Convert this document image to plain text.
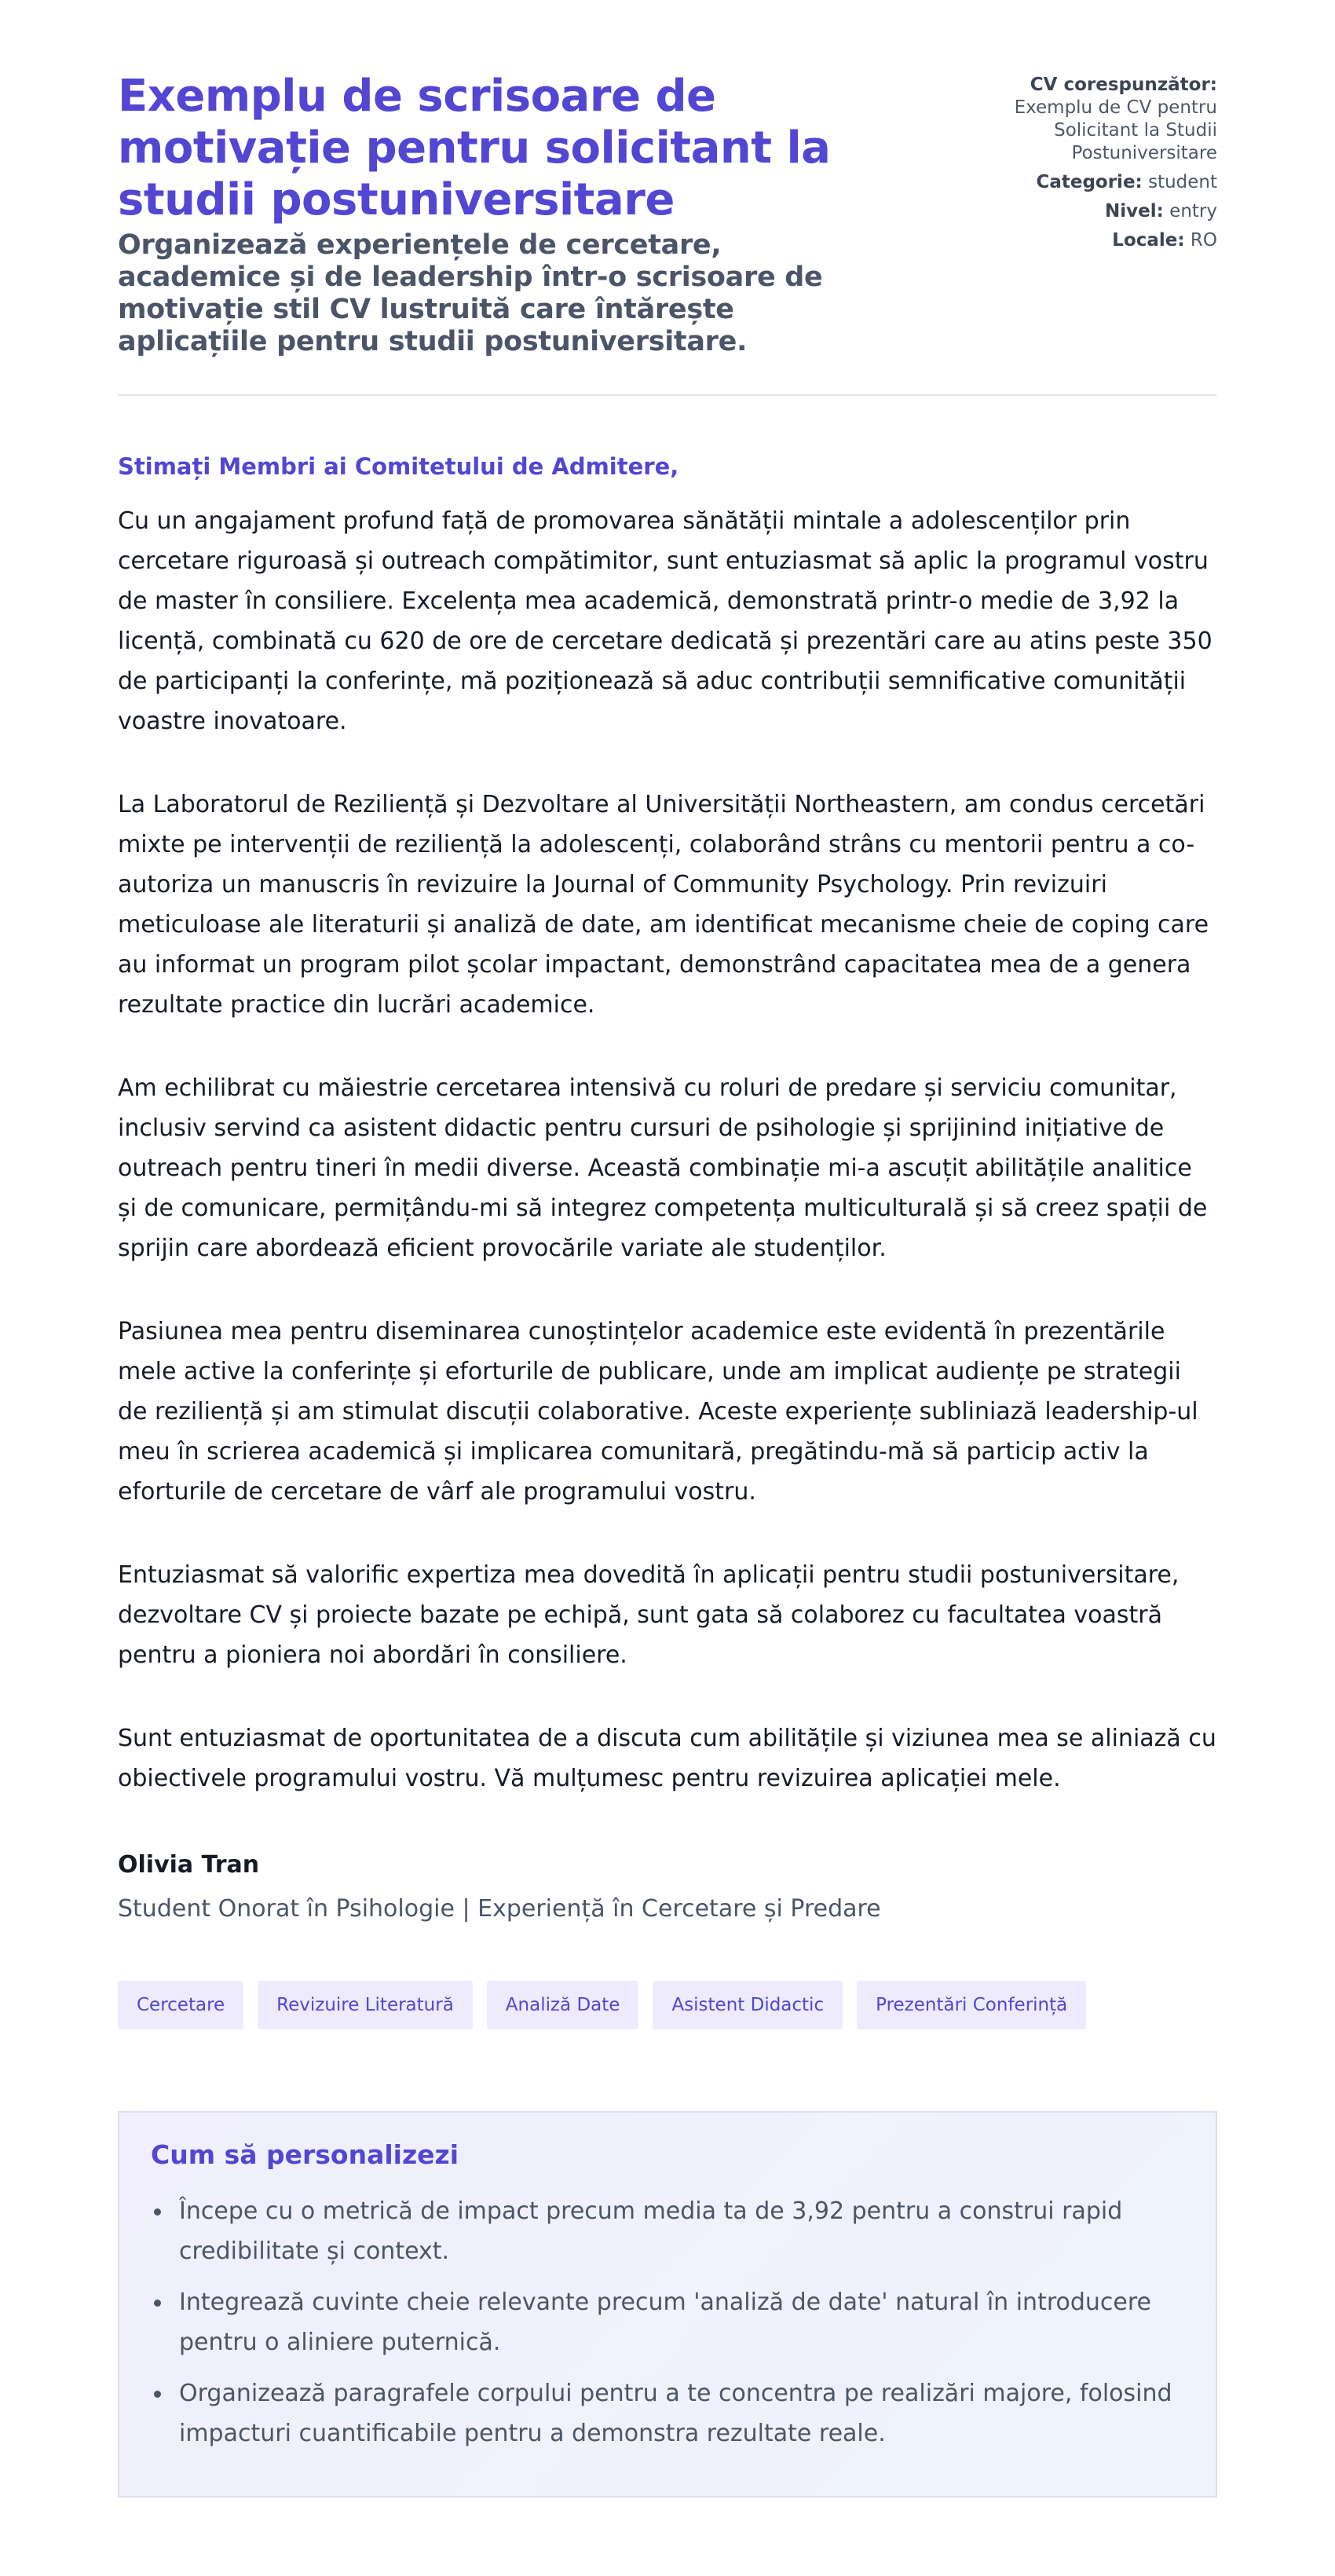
Exemplu de scrisoare de motivație pentru solicitant la studii postuniversitare

Organizează experiențele de cercetare, academice și de leadership într-o scrisoare de motivație stil CV lustruită care întărește aplicațiile pentru studii postuniversitare.

CV corespunzător:
Exemplu de CV pentru Solicitant la Studii Postuniversitare
Categorie: student
Nivel: entry
Locale: RO

Stimați Membri ai Comitetului de Admitere,

Cu un angajament profund față de promovarea sănătății mintale a adolescenților prin cercetare riguroasă și outreach compătimitor, sunt entuziasmat să aplic la programul vostru de master în consiliere. Excelența mea academică, demonstrată printr-o medie de 3,92 la licență, combinată cu 620 de ore de cercetare dedicată și prezentări care au atins peste 350 de participanți la conferințe, mă poziționează să aduc contribuții semnificative comunității voastre inovatoare.

La Laboratorul de Reziliență și Dezvoltare al Universității Northeastern, am condus cercetări mixte pe intervenții de reziliență la adolescenți, colaborând strâns cu mentorii pentru a co-autoriza un manuscris în revizuire la Journal of Community Psychology. Prin revizuiri meticuloase ale literaturii și analiză de date, am identificat mecanisme cheie de coping care au informat un program pilot școlar impactant, demonstrând capacitatea mea de a genera rezultate practice din lucrări academice.

Am echilibrat cu măiestrie cercetarea intensivă cu roluri de predare și serviciu comunitar, inclusiv servind ca asistent didactic pentru cursuri de psihologie și sprijinind inițiative de outreach pentru tineri în medii diverse. Această combinație mi-a ascuțit abilitățile analitice și de comunicare, permițându-mi să integrez competența multiculturală și să creez spații de sprijin care abordează eficient provocările variate ale studenților.

Pasiunea mea pentru diseminarea cunoștințelor academice este evidentă în prezentările mele active la conferințe și eforturile de publicare, unde am implicat audiențe pe strategii de reziliență și am stimulat discuții colaborative. Aceste experiențe subliniază leadership-ul meu în scrierea academică și implicarea comunitară, pregătindu-mă să particip activ la eforturile de cercetare de vârf ale programului vostru.

Entuziasmat să valorific expertiza mea dovedită în aplicații pentru studii postuniversitare, dezvoltare CV și proiecte bazate pe echipă, sunt gata să colaborez cu facultatea voastră pentru a pioniera noi abordări în consiliere.

Sunt entuziasmat de oportunitatea de a discuta cum abilitățile și viziunea mea se aliniază cu obiectivele programului vostru. Vă mulțumesc pentru revizuirea aplicației mele.

Olivia Tran

Student Onorat în Psihologie | Experiență în Cercetare și Predare

Cercetare	Revizuire Literatură	Analiză Date	Asistent Didactic	Prezentări Conferință
Cum să personalizezi
Începe cu o metrică de impact precum media ta de 3,92 pentru a construi rapid credibilitate și context.
Integrează cuvinte cheie relevante precum 'analiză de date' natural în introducere pentru o aliniere puternică.
Organizează paragrafele corpului pentru a te concentra pe realizări majore, folosind impacturi cuantificabile pentru a demonstra rezultate reale.
